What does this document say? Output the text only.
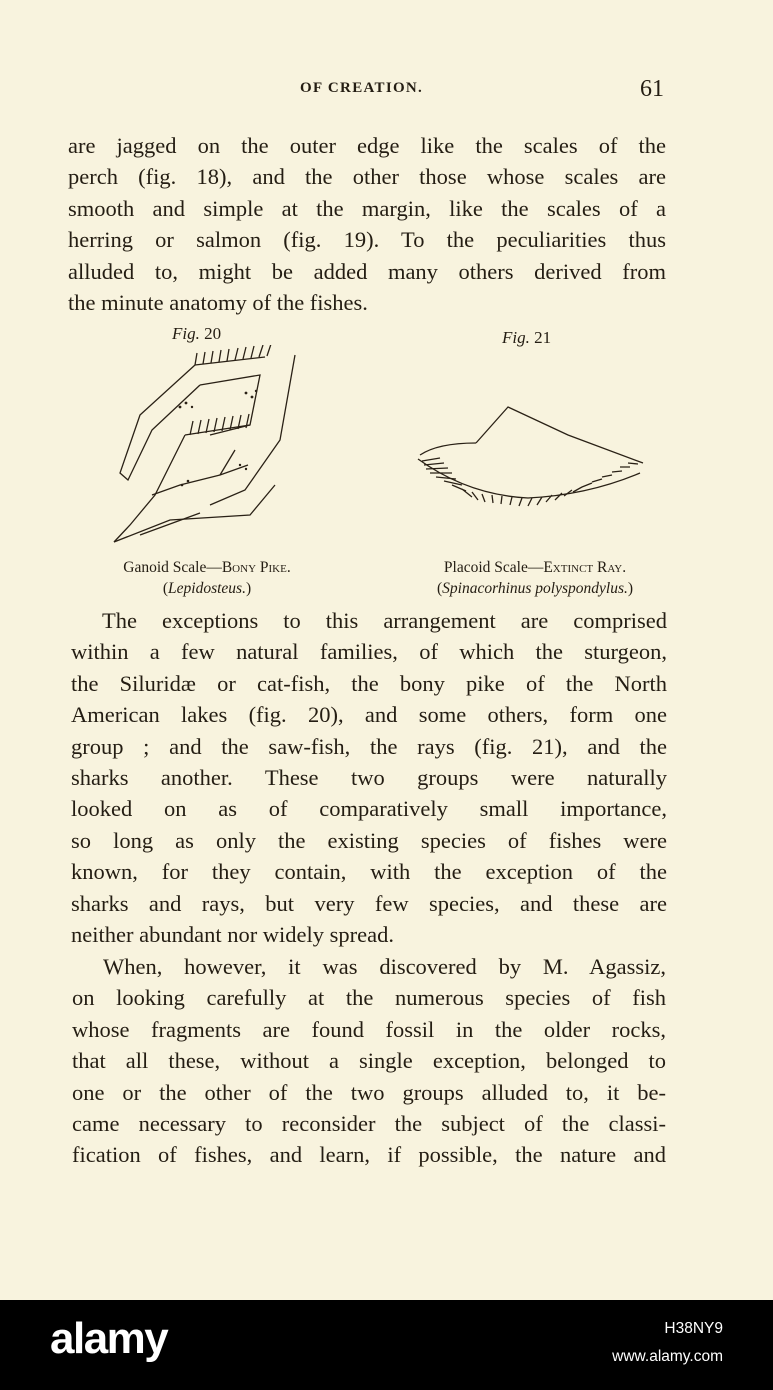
OF CREATION.	61

are jagged on the outer edge like the scales of the

perch (fig. 18), and the other those whose scales are

smooth and simple at the margin, like the scales of a

herring or salmon (fig. 19). To the peculiarities thus

alluded to, might be added many others derived from

the minute anatomy of the fishes.

Fig. 20	Fig. 21
Ganoid Scale—Bony Pike.
(Lepidosteus.)
Placoid Scale—Extinct Ray.
(Spinacorhinus polyspondylus.)

The exceptions to this arrangement are comprised

within a few natural families, of which the sturgeon,

the Siluridæ or cat-fish, the bony pike of the North

American lakes (fig. 20), and some others, form one

group ; and the saw-fish, the rays (fig. 21), and the

sharks another. These two groups were naturally

looked on as of comparatively small importance,

so long as only the existing species of fishes were

known, for they contain, with the exception of the

sharks and rays, but very few species, and these are

neither abundant nor widely spread.

When, however, it was discovered by M. Agassiz,

on looking carefully at the numerous species of fish

whose fragments are found fossil in the older rocks,

that all these, without a single exception, belonged to

one or the other of the two groups alluded to, it be-

came necessary to reconsider the subject of the classi-

fication of fishes, and learn, if possible, the nature and

alamy	H38NY9
www.alamy.com
